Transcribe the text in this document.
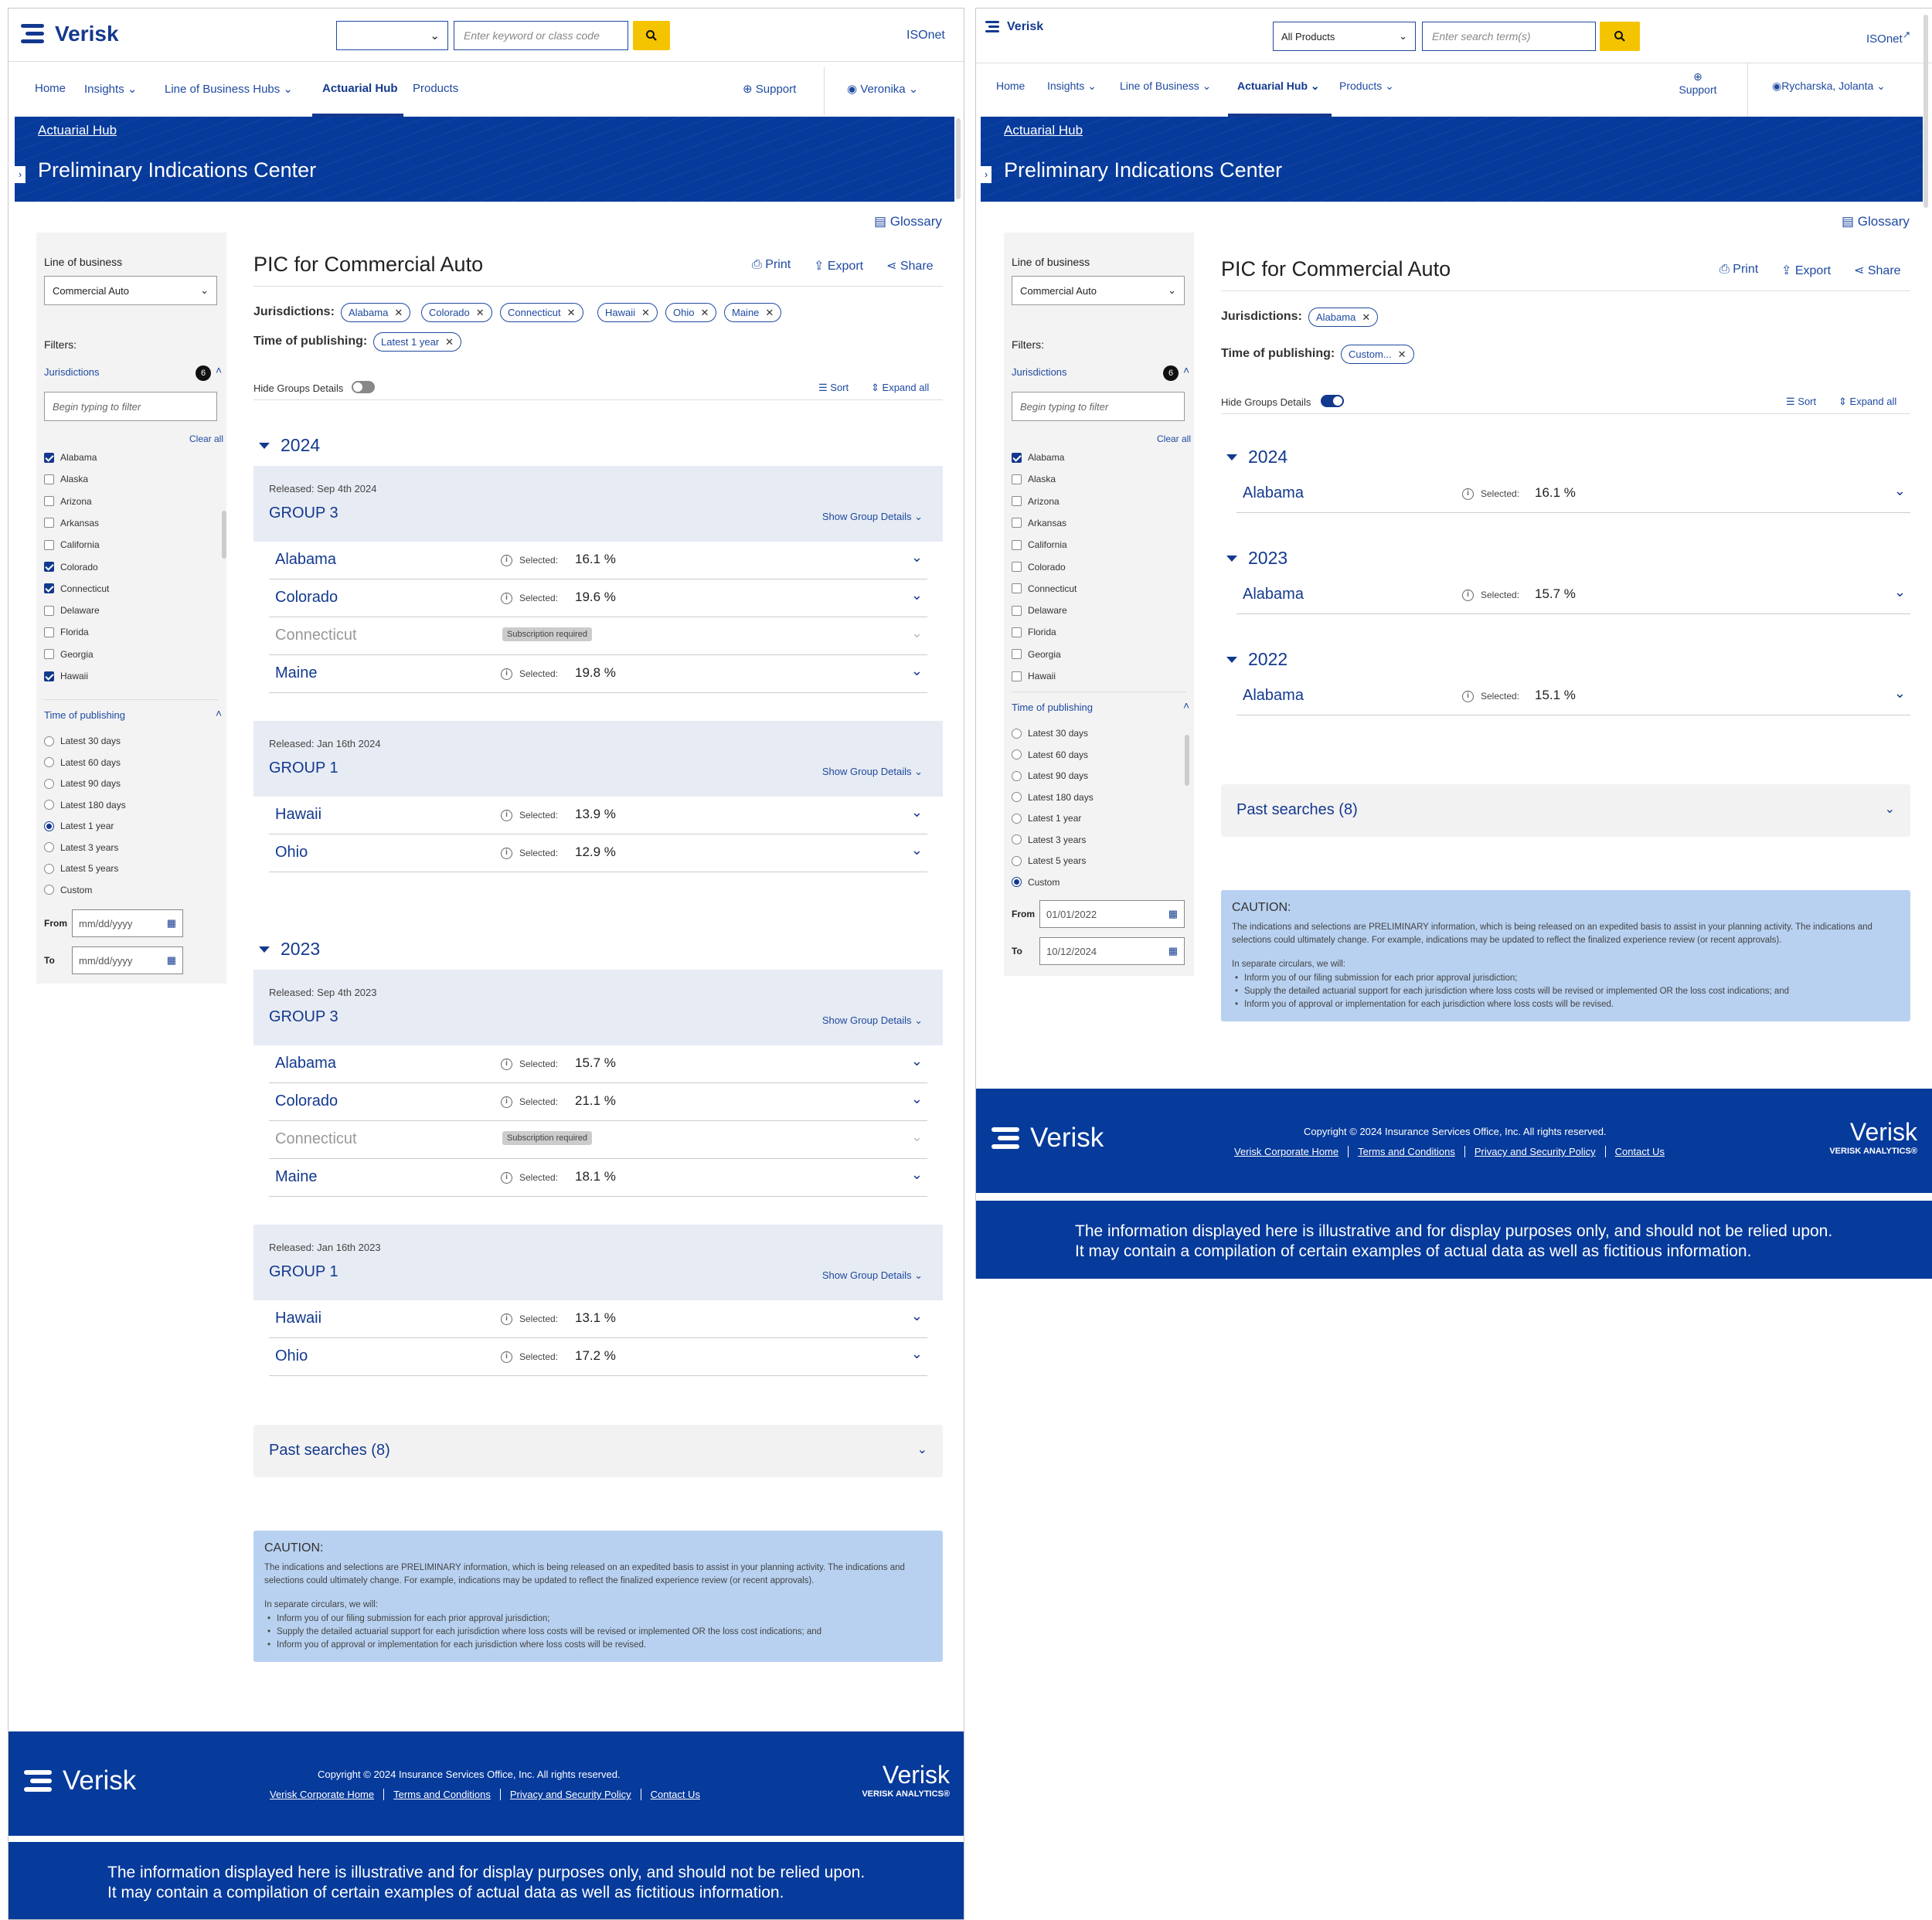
Verisk	⌄ Enter keyword or class code	ISOnet
Home Insights ⌄ Line of Business Hubs ⌄	Actuarial Hub Products	⊕ Support	◉ Veronika ⌄
Actuarial Hub
Preliminary Indications Center
›
▤ Glossary
Line of business
Commercial Auto	⌄
Filters:
Jurisdictions	6 ˄
Begin typing to filter
Clear all
Alabama
Alaska
Arizona
Arkansas
California
Colorado
Connecticut
Delaware
Florida
Georgia
Hawaii
Time of publishing	˄
Latest 30 days
Latest 60 days
Latest 90 days
Latest 180 days
Latest 1 year
Latest 3 years
Latest 5 years
Custom
From mm/dd/yyyy	▦
To	mm/dd/yyyy	▦
PIC for Commercial Auto	⎙ Print ⇪ Export ⋖ Share
Jurisdictions: Alabama ✕	Colorado ✕ Connecticut ✕	Hawaii ✕ Ohio ✕ Maine ✕
Time of publishing: Latest 1 year ✕
Hide Groups Details	☰ Sort ⇕ Expand all
2024
Released: Sep 4th 2024
GROUP 3	Show Group Details ⌄
Alabama	i	Selected: 16.1 %	⌄
Colorado	i	Selected: 19.6 %	⌄
Connecticut	Subscription required	⌄
Maine	i	Selected: 19.8 %	⌄
Released: Jan 16th 2024
GROUP 1	Show Group Details ⌄
Hawaii	i	Selected: 13.9 %	⌄
Ohio	i	Selected: 12.9 %	⌄
2023
Released: Sep 4th 2023
GROUP 3	Show Group Details ⌄
Alabama	i	Selected: 15.7 %	⌄
Colorado	i	Selected: 21.1 %	⌄
Connecticut	Subscription required	⌄
Maine	i	Selected: 18.1 %	⌄
Released: Jan 16th 2023
GROUP 1	Show Group Details ⌄
Hawaii	i	Selected: 13.1 %	⌄
Ohio	i	Selected: 17.2 %	⌄
Past searches (8)	⌄
CAUTION:

The indications and selections are PRELIMINARY information, which is being released on an expedited basis to assist in your planning activity. The indications and selections could ultimately change. For example, indications may be updated to reflect the finalized experience review (or recent approvals).

In separate circulars, we will:

• Inform you of our filing submission for each prior approval jurisdiction;
• Supply the detailed actuarial support for each jurisdiction where loss costs will be revised or implemented OR the loss cost indications; and
• Inform you of approval or implementation for each jurisdiction where loss costs will be revised.
Verisk	Copyright © 2024 Insurance Services Office, Inc. All rights reserved.
Verisk Corporate Home	Terms and Conditions	Privacy and Security Policy	Contact Us
Verisk
VERISK ANALYTICS®
The information displayed here is illustrative and for display purposes only, and should not be relied upon.
It may contain a compilation of certain examples of actual data as well as fictitious information.
Verisk
All Products	⌄ Enter search term(s)	ISOnet↗
Home Insights ⌄ Line of Business ⌄ Actuarial Hub ⌄ Products ⌄
⊕
Support	◉Rycharska, Jolanta ⌄
Actuarial Hub
Preliminary Indications Center
›
▤ Glossary
Line of business
Commercial Auto	⌄
Filters:
Jurisdictions	6 ˄
Begin typing to filter
Clear all
Alabama
Alaska
Arizona
Arkansas
California
Colorado
Connecticut
Delaware
Florida
Georgia
Hawaii
Time of publishing	˄
Latest 30 days
Latest 60 days
Latest 90 days
Latest 180 days
Latest 1 year
Latest 3 years
Latest 5 years
Custom
From 01/01/2022	▦
To	10/12/2024	▦
PIC for Commercial Auto	⎙ Print ⇪ Export ⋖ Share
Jurisdictions: Alabama ✕
Time of publishing: Custom... ✕
Hide Groups Details	☰ Sort ⇕ Expand all
2024
Alabama	i	Selected: 16.1 %	⌄
2023
Alabama	i	Selected: 15.7 %	⌄
2022
Alabama	i	Selected: 15.1 %	⌄
Past searches (8)	⌄
CAUTION:

The indications and selections are PRELIMINARY information, which is being released on an expedited basis to assist in your planning activity. The indications and selections could ultimately change. For example, indications may be updated to reflect the finalized experience review (or recent approvals).

In separate circulars, we will:

• Inform you of our filing submission for each prior approval jurisdiction;
• Supply the detailed actuarial support for each jurisdiction where loss costs will be revised or implemented OR the loss cost indications; and
• Inform you of approval or implementation for each jurisdiction where loss costs will be revised.
Verisk	Copyright © 2024 Insurance Services Office, Inc. All rights reserved.
Verisk Corporate Home	Terms and Conditions	Privacy and Security Policy	Contact Us
Verisk
VERISK ANALYTICS®
The information displayed here is illustrative and for display purposes only, and should not be relied upon.
It may contain a compilation of certain examples of actual data as well as fictitious information.
